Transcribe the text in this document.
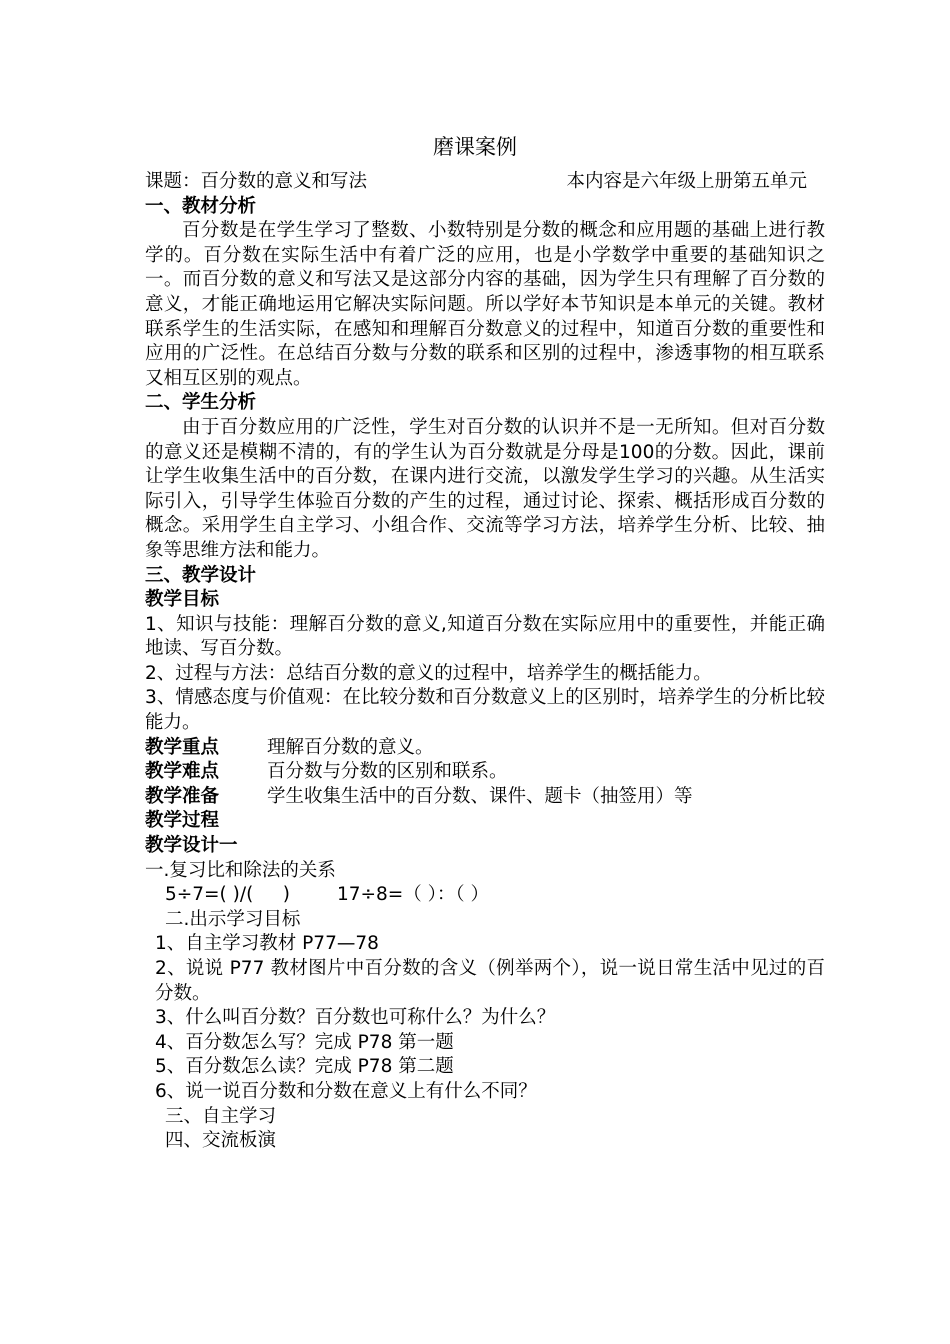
磨课案例
课题：百分数的意义和写法	本内容是六年级上册第五单元
一、教材分析
百分数是在学生学习了整数、小数特别是分数的概念和应用题的基础上进行教学的。百分数在实际生活中有着广泛的应用，也是小学数学中重要的基础知识之一。而百分数的意义和写法又是这部分内容的基础，因为学生只有理解了百分数的意义，才能正确地运用它解决实际问题。所以学好本节知识是本单元的关键。教材联系学生的生活实际，在感知和理解百分数意义的过程中，知道百分数的重要性和应用的广泛性。在总结百分数与分数的联系和区别的过程中，渗透事物的相互联系又相互区别的观点。
二、学生分析
由于百分数应用的广泛性，学生对百分数的认识并不是一无所知。但对百分数的意义还是模糊不清的，有的学生认为百分数就是分母是100的分数。因此，课前让学生收集生活中的百分数，在课内进行交流，以激发学生学习的兴趣。从生活实际引入，引导学生体验百分数的产生的过程，通过讨论、探索、概括形成百分数的概念。采用学生自主学习、小组合作、交流等学习方法，培养学生分析、比较、抽象等思维方法和能力。
三、教学设计
教学目标
1、知识与技能：理解百分数的意义,知道百分数在实际应用中的重要性，并能正确地读、写百分数。
2、过程与方法：总结百分数的意义的过程中，培养学生的概括能力。
3、情感态度与价值观：在比较分数和百分数意义上的区别时，培养学生的分析比较能力。
教学重点	理解百分数的意义。
教学难点	百分数与分数的区别和联系。
教学准备	学生收集生活中的百分数、课件、题卡（抽签用）等
教学过程
教学设计一
一.复习比和除法的关系
5÷7=( )/(     )        17÷8=（ ）：（ ）
二.出示学习目标
1、自主学习教材 P77—78
2、说说 P77 教材图片中百分数的含义（例举两个），说一说日常生活中见过的百分数。
3、什么叫百分数？百分数也可称什么？为什么？
4、百分数怎么写？完成 P78 第一题
5、百分数怎么读？完成 P78 第二题
6、说一说百分数和分数在意义上有什么不同？
三、自主学习
四、交流板演
